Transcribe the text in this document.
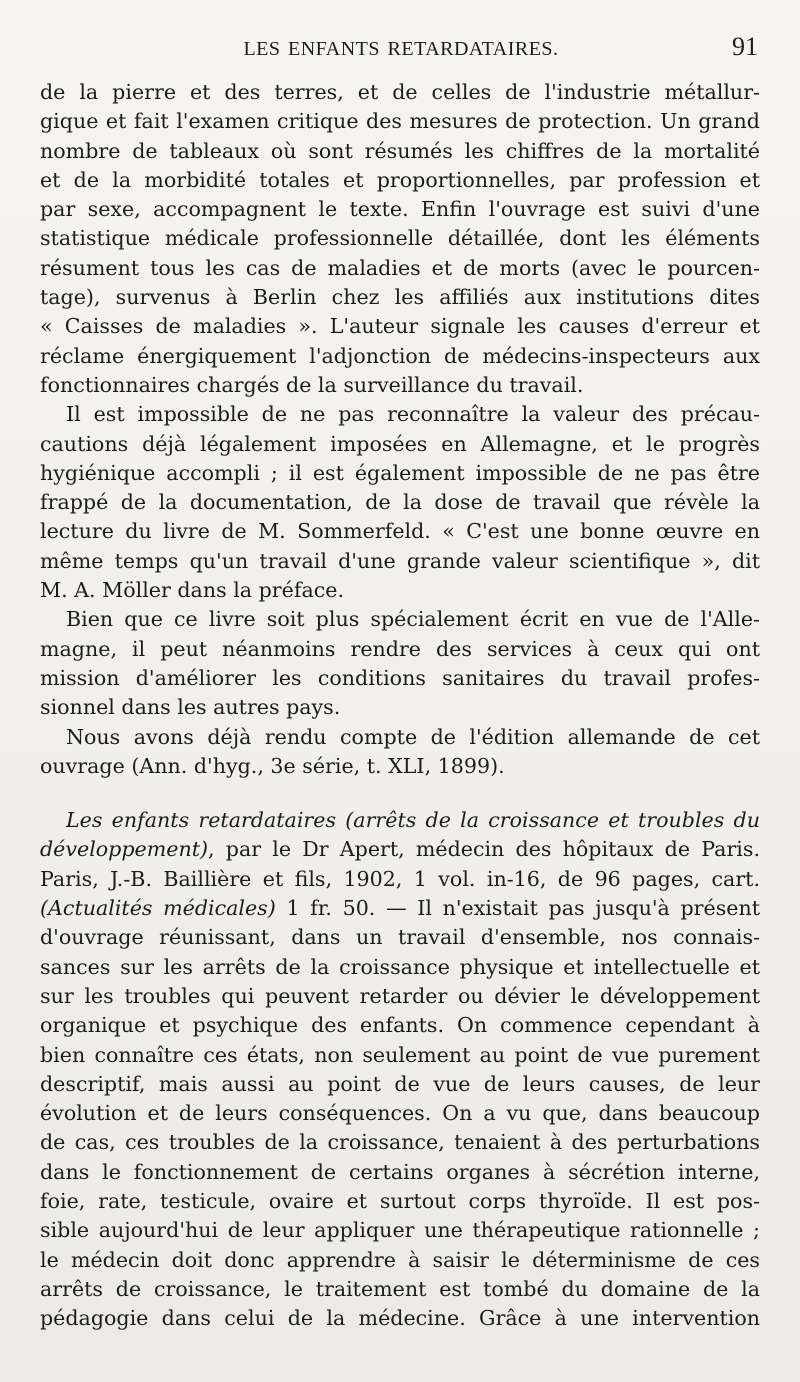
LES ENFANTS RETARDATAIRES.	91
de la pierre et des terres, et de celles de l'industrie métallur-
gique et fait l'examen critique des mesures de protection. Un grand
nombre de tableaux où sont résumés les chiffres de la mortalité
et de la morbidité totales et proportionnelles, par profession et
par sexe, accompagnent le texte. Enfin l'ouvrage est suivi d'une
statistique médicale professionnelle détaillée, dont les éléments
résument tous les cas de maladies et de morts (avec le pourcen-
tage), survenus à Berlin chez les affiliés aux institutions dites
« Caisses de maladies ». L'auteur signale les causes d'erreur et
réclame énergiquement l'adjonction de médecins-inspecteurs aux
fonctionnaires chargés de la surveillance du travail.
Il est impossible de ne pas reconnaître la valeur des précau-
cautions déjà légalement imposées en Allemagne, et le progrès
hygiénique accompli ; il est également impossible de ne pas être
frappé de la documentation, de la dose de travail que révèle la
lecture du livre de M. Sommerfeld. « C'est une bonne œuvre en
même temps qu'un travail d'une grande valeur scientifique », dit
M. A. Möller dans la préface.
Bien que ce livre soit plus spécialement écrit en vue de l'Alle-
magne, il peut néanmoins rendre des services à ceux qui ont
mission d'améliorer les conditions sanitaires du travail profes-
sionnel dans les autres pays.
Nous avons déjà rendu compte de l'édition allemande de cet
ouvrage (Ann. d'hyg., 3e série, t. XLI, 1899).
Les enfants retardataires (arrêts de la croissance et troubles du
développement), par le Dr Apert, médecin des hôpitaux de Paris.
Paris, J.-B. Baillière et fils, 1902, 1 vol. in-16, de 96 pages, cart.
(Actualités médicales) 1 fr. 50. — Il n'existait pas jusqu'à présent
d'ouvrage réunissant, dans un travail d'ensemble, nos connais-
sances sur les arrêts de la croissance physique et intellectuelle et
sur les troubles qui peuvent retarder ou dévier le développement
organique et psychique des enfants. On commence cependant à
bien connaître ces états, non seulement au point de vue purement
descriptif, mais aussi au point de vue de leurs causes, de leur
évolution et de leurs conséquences. On a vu que, dans beaucoup
de cas, ces troubles de la croissance, tenaient à des perturbations
dans le fonctionnement de certains organes à sécrétion interne,
foie, rate, testicule, ovaire et surtout corps thyroïde. Il est pos-
sible aujourd'hui de leur appliquer une thérapeutique rationnelle ;
le médecin doit donc apprendre à saisir le déterminisme de ces
arrêts de croissance, le traitement est tombé du domaine de la
pédagogie dans celui de la médecine. Grâce à une intervention
